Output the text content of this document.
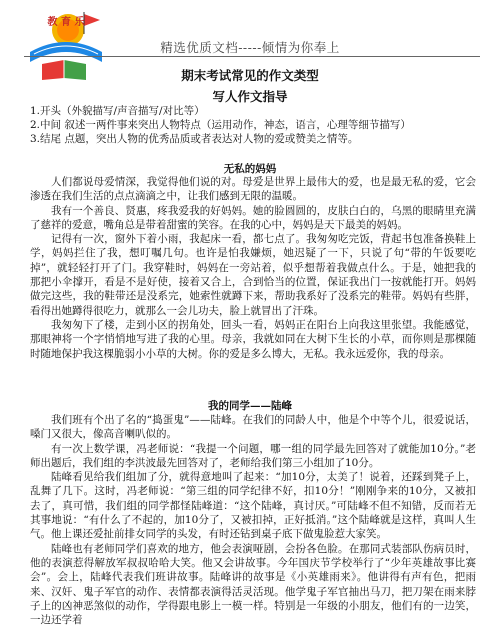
教 育 乐
精选优质文档-----倾情为你奉上
期末考试常见的作文类型
写人作文指导
1.开头（外貌描写/声音描写/对比等）
2.中间 叙述一两件事来突出人物特点（运用动作，神态，语言，心理等细节描写）
3.结尾 点题，突出人物的优秀品质或者表达对人物的爱或赞美之情等。
无私的妈妈

人们都说母爱情深，我觉得他们说的对。母爱是世界上最伟大的爱，也是最无私的爱，它会渗透在我们生活的点点滴滴之中，让我们感到无限的温暖。

我有一个善良、贤惠，疼我爱我的好妈妈。她的脸圆圆的，皮肤白白的，乌黑的眼睛里充满了慈祥的爱意，嘴角总是带着甜蜜的笑容。在我的心中，妈妈是天下最美的妈妈。

记得有一次，窗外下着小雨，我起床一看，都七点了。我匆匆吃完饭，背起书包准备换鞋上学，妈妈拦住了我，想叮嘱几句。也许是怕我嫌烦，她迟疑了一下，只说了句“带的午饭要吃掉”，就轻轻打开了门。我穿鞋时，妈妈在一旁站着，似乎想帮着我做点什么。于是，她把我的那把小伞撑开，看是不是好使，接着又合上，合到恰当的位置，保证我出门一按就能打开。妈妈做完这些，我的鞋带还是没系完，她索性就蹲下来，帮助我系好了没系完的鞋带。妈妈有些胖，看得出她蹲得很吃力，就那么一会儿功夫，脸上就冒出了汗珠。

我匆匆下了楼，走到小区的拐角处，回头一看，妈妈正在阳台上向我这里张望。我能感觉，那眼神将一个字悄悄地写进了我的心里。母亲，我就如同在大树下生长的小草，而你则是那棵随时随地保护我这棵脆弱小小草的大树。你的爱是多么博大，无私。我永远爱你，我的母亲。

我的同学——陆峰

我们班有个出了名的“捣蛋鬼”——陆峰。在我们的同龄人中，他是个中等个儿，很爱说话，嗓门又很大，像高音喇叭似的。

有一次上数学课，冯老师说：“我提一个问题，哪一组的同学最先回答对了就能加10分。”老师出题后，我们组的李洪波最先回答对了，老师给我们第三小组加了10分。

陆峰看见给我们组加了分，就得意地叫了起来：“加10分，太美了！说着，还踩到凳子上，乱舞了几下。这时，冯老师说：“第三组的同学纪律不好，扣10分！”刚刚争来的10分，又被扣去了，真可惜，我们组的同学都怪陆峰道：“这个陆峰，真讨厌。”可陆峰不但不知错，反而若无其事地说：“有什么了不起的，加10分了，又被扣掉，正好抵消。”这个陆峰就是这样，真叫人生气。他上课还爱扯前排女同学的头发，有时还钻到桌子底下做鬼脸惹大家笑。

陆峰也有老师同学们喜欢的地方，他会表演哑剧，会扮各色脸。在那同式装部队伤病员时，他的表演惹得解放军叔叔哈哈大笑。他又会讲故事。今年国庆节学校举行了“少年英雄故事比赛会”。会上，陆峰代表我们班讲故事。陆峰讲的故事是《小英雄雨来》。他讲得有声有色，把雨来、汉奸、鬼子军官的动作、表情都表演得活灵活现。他学鬼子军官抽出马刀，把刀架在雨来脖子上的凶神恶煞似的动作，学得跟电影上一模一样。特别是一年级的小朋友，他们有的一边笑，一边还学着
